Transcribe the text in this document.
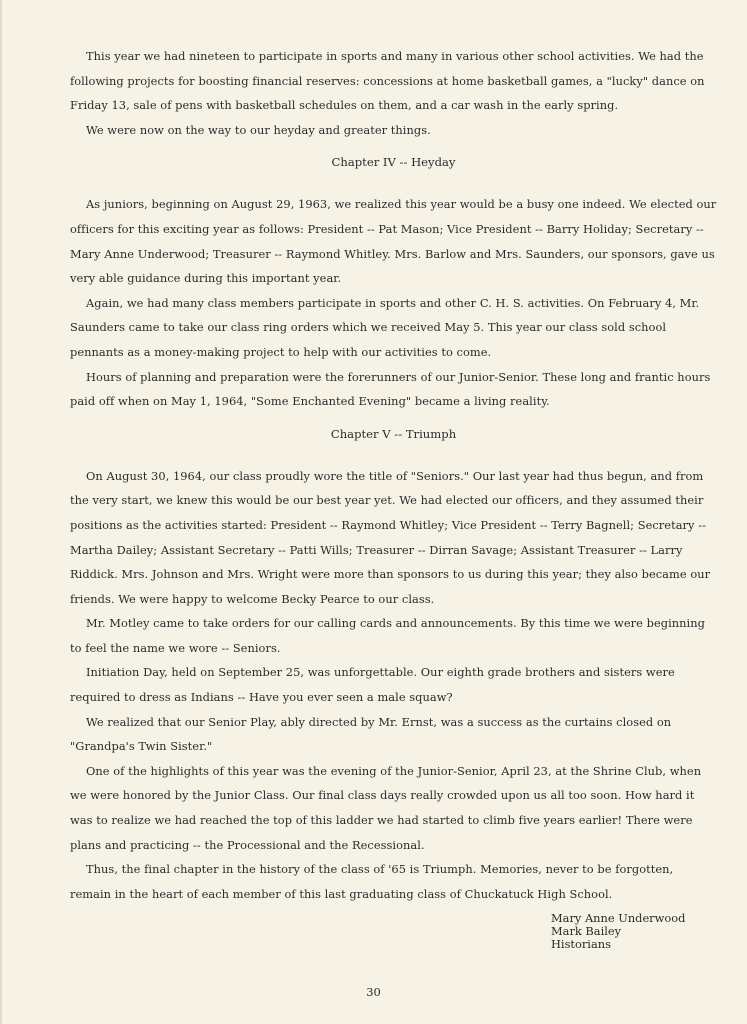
This year we had nineteen to participate in sports and many in various other school activities. We had the following projects for boosting financial reserves: concessions at home basketball games, a "lucky" dance on Friday 13, sale of pens with basketball schedules on them, and a car wash in the early spring.

We were now on the way to our heyday and greater things.

Chapter IV -- Heyday

As juniors, beginning on August 29, 1963, we realized this year would be a busy one indeed. We elected our officers for this exciting year as follows: President -- Pat Mason; Vice President -- Barry Holiday; Secretary -- Mary Anne Underwood; Treasurer -- Raymond Whitley. Mrs. Barlow and Mrs. Saunders, our sponsors, gave us very able guidance during this important year.

Again, we had many class members participate in sports and other C. H. S. activities. On February 4, Mr. Saunders came to take our class ring orders which we received May 5. This year our class sold school pennants as a money-making project to help with our activities to come.

Hours of planning and preparation were the forerunners of our Junior-Senior. These long and frantic hours paid off when on May 1, 1964, "Some Enchanted Evening" became a living reality.

Chapter V -- Triumph

On August 30, 1964, our class proudly wore the title of "Seniors." Our last year had thus begun, and from the very start, we knew this would be our best year yet. We had elected our officers, and they assumed their positions as the activities started: President -- Raymond Whitley; Vice President -- Terry Bagnell; Secretary -- Martha Dailey; Assistant Secretary -- Patti Wills; Treasurer -- Dirran Savage; Assistant Treasurer -- Larry Riddick. Mrs. Johnson and Mrs. Wright were more than sponsors to us during this year; they also became our friends. We were happy to welcome Becky Pearce to our class.

Mr. Motley came to take orders for our calling cards and announcements. By this time we were beginning to feel the name we wore -- Seniors.

Initiation Day, held on September 25, was unforgettable. Our eighth grade brothers and sisters were required to dress as Indians -- Have you ever seen a male squaw?

We realized that our Senior Play, ably directed by Mr. Ernst, was a success as the curtains closed on "Grandpa's Twin Sister."

One of the highlights of this year was the evening of the Junior-Senior, April 23, at the Shrine Club, when we were honored by the Junior Class. Our final class days really crowded upon us all too soon. How hard it was to realize we had reached the top of this ladder we had started to climb five years earlier! There were plans and practicing -- the Processional and the Recessional.

Thus, the final chapter in the history of the class of '65 is Triumph. Memories, never to be forgotten, remain in the heart of each member of this last graduating class of Chuckatuck High School.

Mary Anne Underwood
Mark Bailey
Historians
30
